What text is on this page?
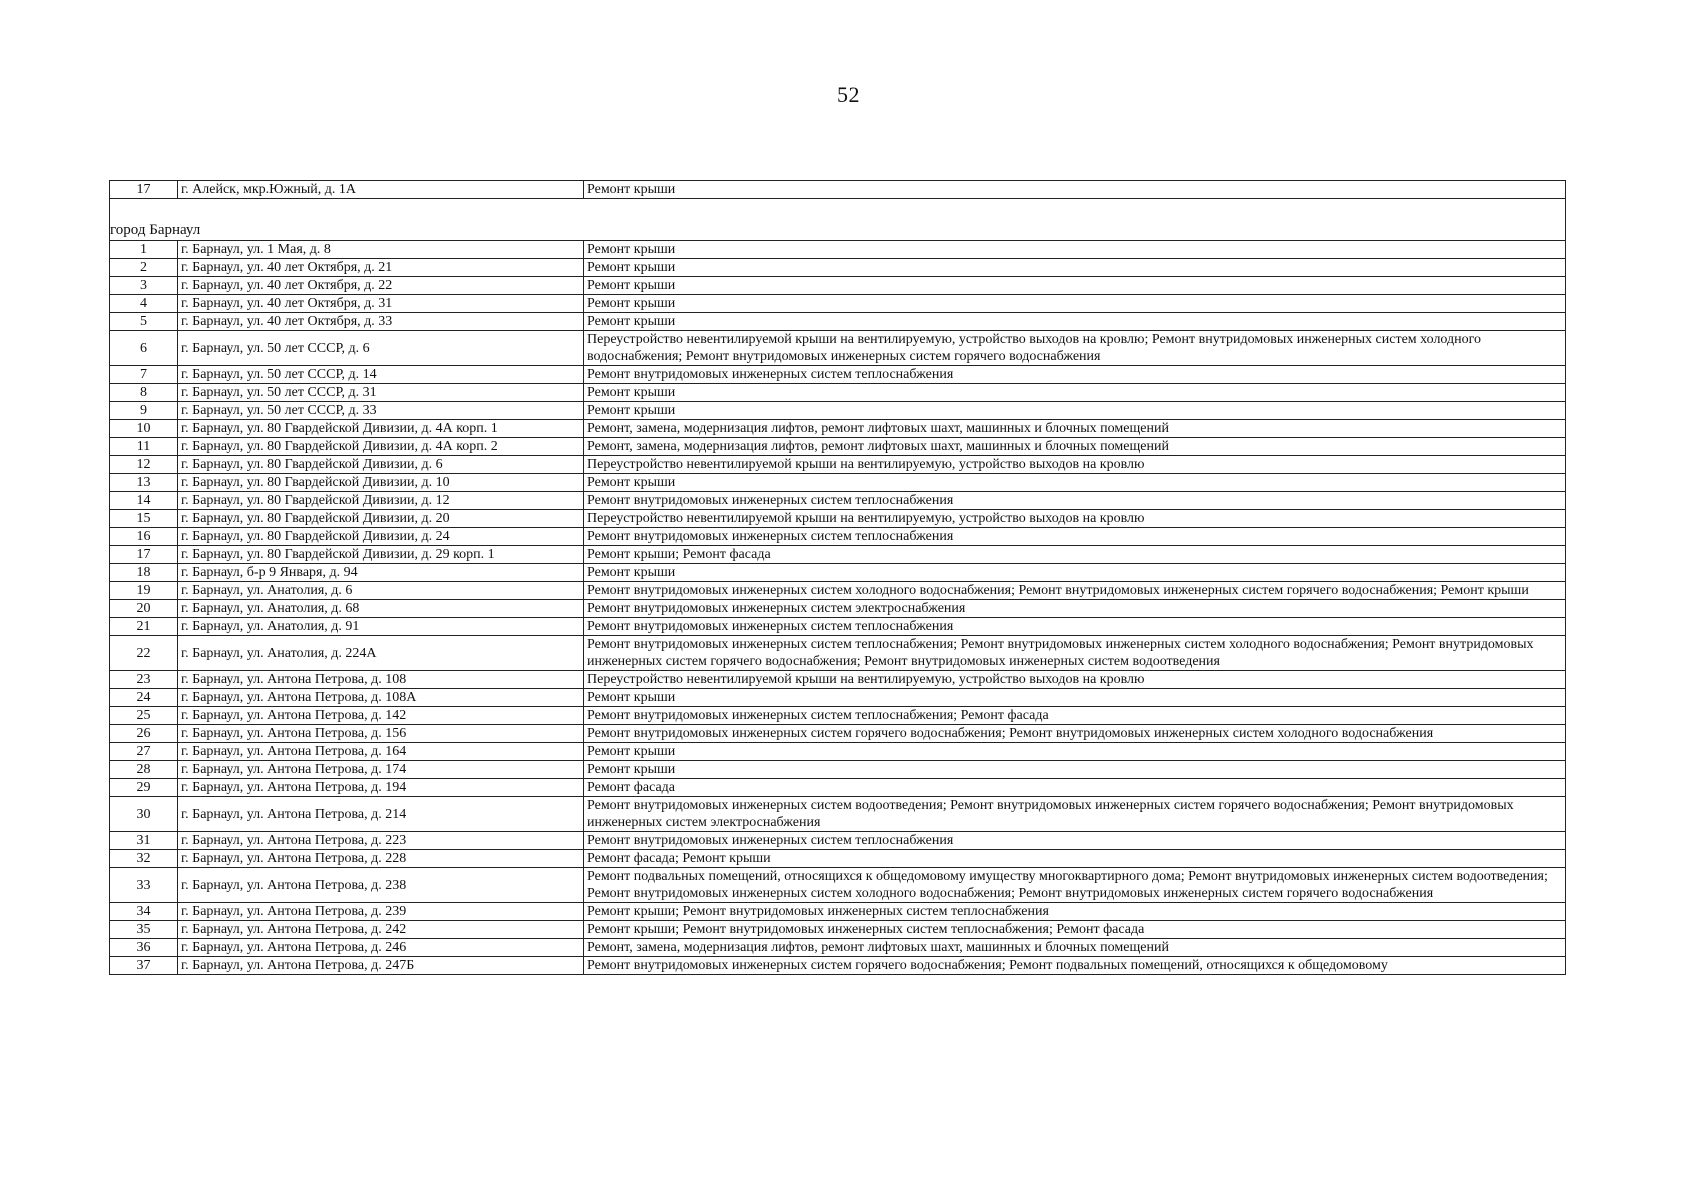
52
17	г. Алейск, мкр.Южный, д. 1А	Ремонт крыши
город Барнаул		
1	г. Барнаул, ул. 1 Мая, д. 8	Ремонт крыши
2	г. Барнаул, ул. 40 лет Октября, д. 21	Ремонт крыши
3	г. Барнаул, ул. 40 лет Октября, д. 22	Ремонт крыши
4	г. Барнаул, ул. 40 лет Октября, д. 31	Ремонт крыши
5	г. Барнаул, ул. 40 лет Октября, д. 33	Ремонт крыши
6	г. Барнаул, ул. 50 лет СССР, д. 6	Переустройство невентилируемой крыши на вентилируемую, устройство выходов на кровлю; Ремонт внутридомовых инженерных систем холодного водоснабжения; Ремонт внутридомовых инженерных систем горячего водоснабжения
7	г. Барнаул, ул. 50 лет СССР, д. 14	Ремонт внутридомовых инженерных систем теплоснабжения
8	г. Барнаул, ул. 50 лет СССР, д. 31	Ремонт крыши
9	г. Барнаул, ул. 50 лет СССР, д. 33	Ремонт крыши
10	г. Барнаул, ул. 80 Гвардейской Дивизии, д. 4А корп. 1	Ремонт, замена, модернизация лифтов, ремонт лифтовых шахт, машинных и блочных помещений
11	г. Барнаул, ул. 80 Гвардейской Дивизии, д. 4А корп. 2	Ремонт, замена, модернизация лифтов, ремонт лифтовых шахт, машинных и блочных помещений
12	г. Барнаул, ул. 80 Гвардейской Дивизии, д. 6	Переустройство невентилируемой крыши на вентилируемую, устройство выходов на кровлю
13	г. Барнаул, ул. 80 Гвардейской Дивизии, д. 10	Ремонт крыши
14	г. Барнаул, ул. 80 Гвардейской Дивизии, д. 12	Ремонт внутридомовых инженерных систем теплоснабжения
15	г. Барнаул, ул. 80 Гвардейской Дивизии, д. 20	Переустройство невентилируемой крыши на вентилируемую, устройство выходов на кровлю
16	г. Барнаул, ул. 80 Гвардейской Дивизии, д. 24	Ремонт внутридомовых инженерных систем теплоснабжения
17	г. Барнаул, ул. 80 Гвардейской Дивизии, д. 29 корп. 1	Ремонт крыши; Ремонт фасада
18	г. Барнаул, б-р 9 Января, д. 94	Ремонт крыши
19	г. Барнаул, ул. Анатолия, д. 6	Ремонт внутридомовых инженерных систем холодного водоснабжения; Ремонт внутридомовых инженерных систем горячего водоснабжения; Ремонт крыши
20	г. Барнаул, ул. Анатолия, д. 68	Ремонт внутридомовых инженерных систем электроснабжения
21	г. Барнаул, ул. Анатолия, д. 91	Ремонт внутридомовых инженерных систем теплоснабжения
22	г. Барнаул, ул. Анатолия, д. 224А	Ремонт внутридомовых инженерных систем теплоснабжения; Ремонт внутридомовых инженерных систем холодного водоснабжения; Ремонт внутридомовых инженерных систем горячего водоснабжения; Ремонт внутридомовых инженерных систем водоотведения
23	г. Барнаул, ул. Антона Петрова, д. 108	Переустройство невентилируемой крыши на вентилируемую, устройство выходов на кровлю
24	г. Барнаул, ул. Антона Петрова, д. 108А	Ремонт крыши
25	г. Барнаул, ул. Антона Петрова, д. 142	Ремонт внутридомовых инженерных систем теплоснабжения; Ремонт фасада
26	г. Барнаул, ул. Антона Петрова, д. 156	Ремонт внутридомовых инженерных систем горячего водоснабжения; Ремонт внутридомовых инженерных систем холодного водоснабжения
27	г. Барнаул, ул. Антона Петрова, д. 164	Ремонт крыши
28	г. Барнаул, ул. Антона Петрова, д. 174	Ремонт крыши
29	г. Барнаул, ул. Антона Петрова, д. 194	Ремонт фасада
30	г. Барнаул, ул. Антона Петрова, д. 214	Ремонт внутридомовых инженерных систем водоотведения; Ремонт внутридомовых инженерных систем горячего водоснабжения; Ремонт внутридомовых инженерных систем электроснабжения
31	г. Барнаул, ул. Антона Петрова, д. 223	Ремонт внутридомовых инженерных систем теплоснабжения
32	г. Барнаул, ул. Антона Петрова, д. 228	Ремонт фасада; Ремонт крыши
33	г. Барнаул, ул. Антона Петрова, д. 238	Ремонт подвальных помещений, относящихся к общедомовому имуществу многоквартирного дома; Ремонт внутридомовых инженерных систем водоотведения; Ремонт внутридомовых инженерных систем холодного водоснабжения; Ремонт внутридомовых инженерных систем горячего водоснабжения
34	г. Барнаул, ул. Антона Петрова, д. 239	Ремонт крыши; Ремонт внутридомовых инженерных систем теплоснабжения
35	г. Барнаул, ул. Антона Петрова, д. 242	Ремонт крыши; Ремонт внутридомовых инженерных систем теплоснабжения; Ремонт фасада
36	г. Барнаул, ул. Антона Петрова, д. 246	Ремонт, замена, модернизация лифтов, ремонт лифтовых шахт, машинных и блочных помещений
37	г. Барнаул, ул. Антона Петрова, д. 247Б	Ремонт внутридомовых инженерных систем горячего водоснабжения; Ремонт подвальных помещений, относящихся к общедомовому
